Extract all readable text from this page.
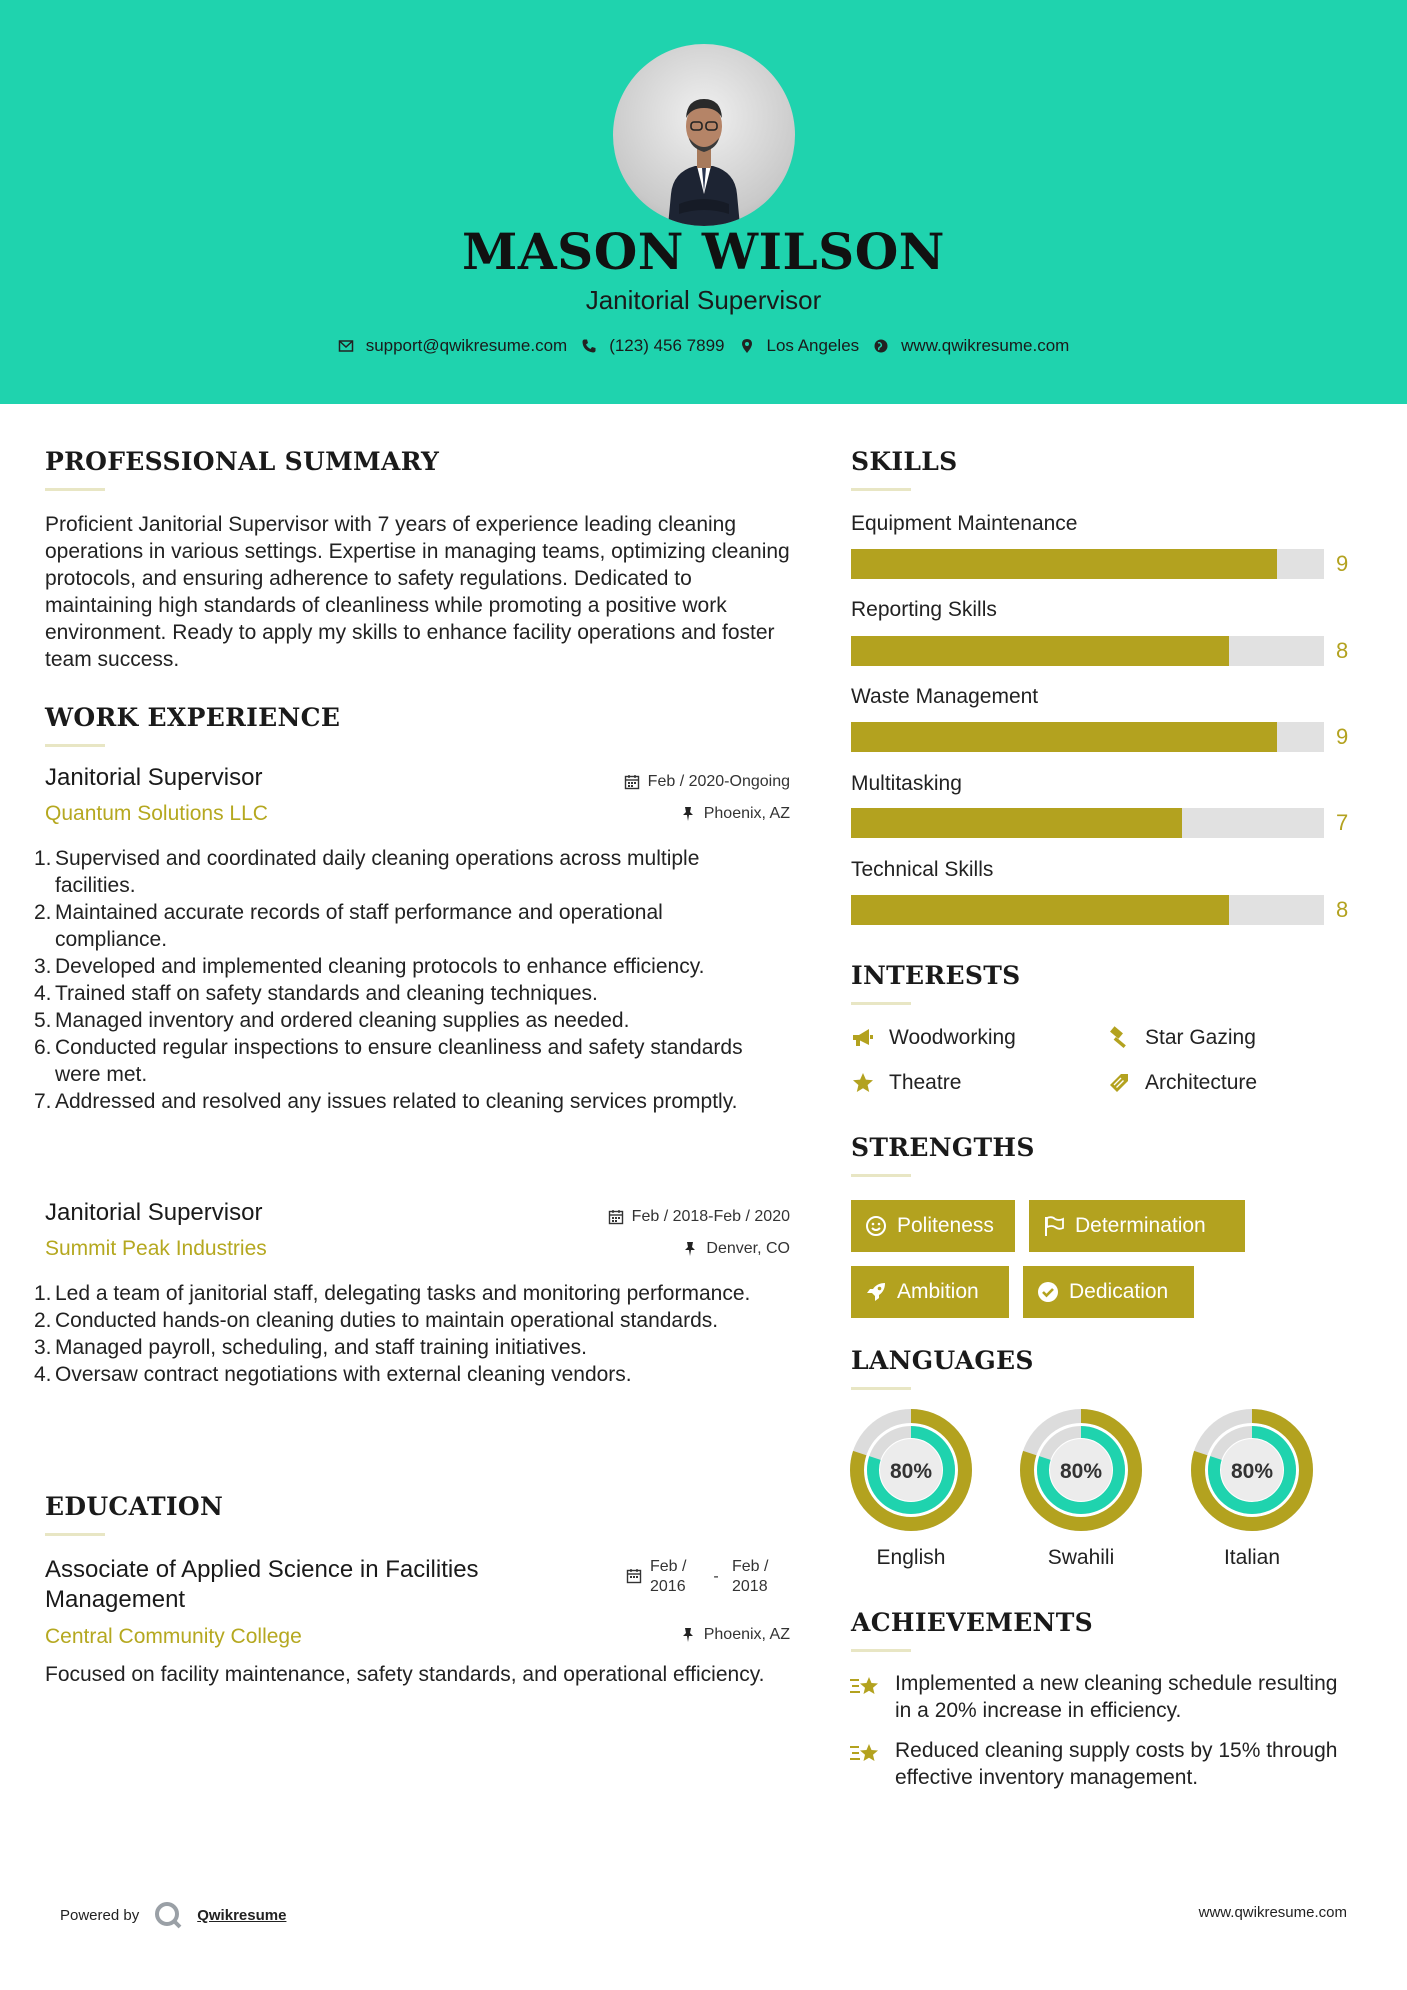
MASON WILSON
Janitorial Supervisor
support@qwikresume.com (123) 456 7899 Los Angeles www.qwikresume.com
PROFESSIONAL SUMMARY
Proficient Janitorial Supervisor with 7 years of experience leading cleaning operations in various settings. Expertise in managing teams, optimizing cleaning protocols, and ensuring adherence to safety regulations. Dedicated to maintaining high standards of cleanliness while promoting a positive work environment. Ready to apply my skills to enhance facility operations and foster team success.
WORK EXPERIENCE
Janitorial Supervisor	Feb / 2020-Ongoing
Quantum Solutions LLC	Phoenix, AZ
1. Supervised and coordinated daily cleaning operations across multiple facilities.
2. Maintained accurate records of staff performance and operational compliance.
3. Developed and implemented cleaning protocols to enhance efficiency.
4. Trained staff on safety standards and cleaning techniques.
5. Managed inventory and ordered cleaning supplies as needed.
6. Conducted regular inspections to ensure cleanliness and safety standards were met.
7. Addressed and resolved any issues related to cleaning services promptly.
Janitorial Supervisor	Feb / 2018-Feb / 2020
Summit Peak Industries	Denver, CO
1. Led a team of janitorial staff, delegating tasks and monitoring performance.
2. Conducted hands-on cleaning duties to maintain operational standards.
3. Managed payroll, scheduling, and staff training initiatives.
4. Oversaw contract negotiations with external cleaning vendors.
EDUCATION
Associate of Applied Science in Facilities Management
Feb / 2016
-
Feb / 2018
Central Community College	Phoenix, AZ
Focused on facility maintenance, safety standards, and operational efficiency.
SKILLS
Equipment Maintenance
9
Reporting Skills
8
Waste Management
9
Multitasking
7
Technical Skills
8
INTERESTS
Woodworking	Star Gazing
Theatre	Architecture
STRENGTHS
Politeness	Determination
Ambition	Dedication
LANGUAGES
80%
English
80%
Swahili
80%
Italian
ACHIEVEMENTS
Implemented a new cleaning schedule resulting in a 20% increase in efficiency.
Reduced cleaning supply costs by 15% through effective inventory management.
Powered by	Qwikresume	www.qwikresume.com
